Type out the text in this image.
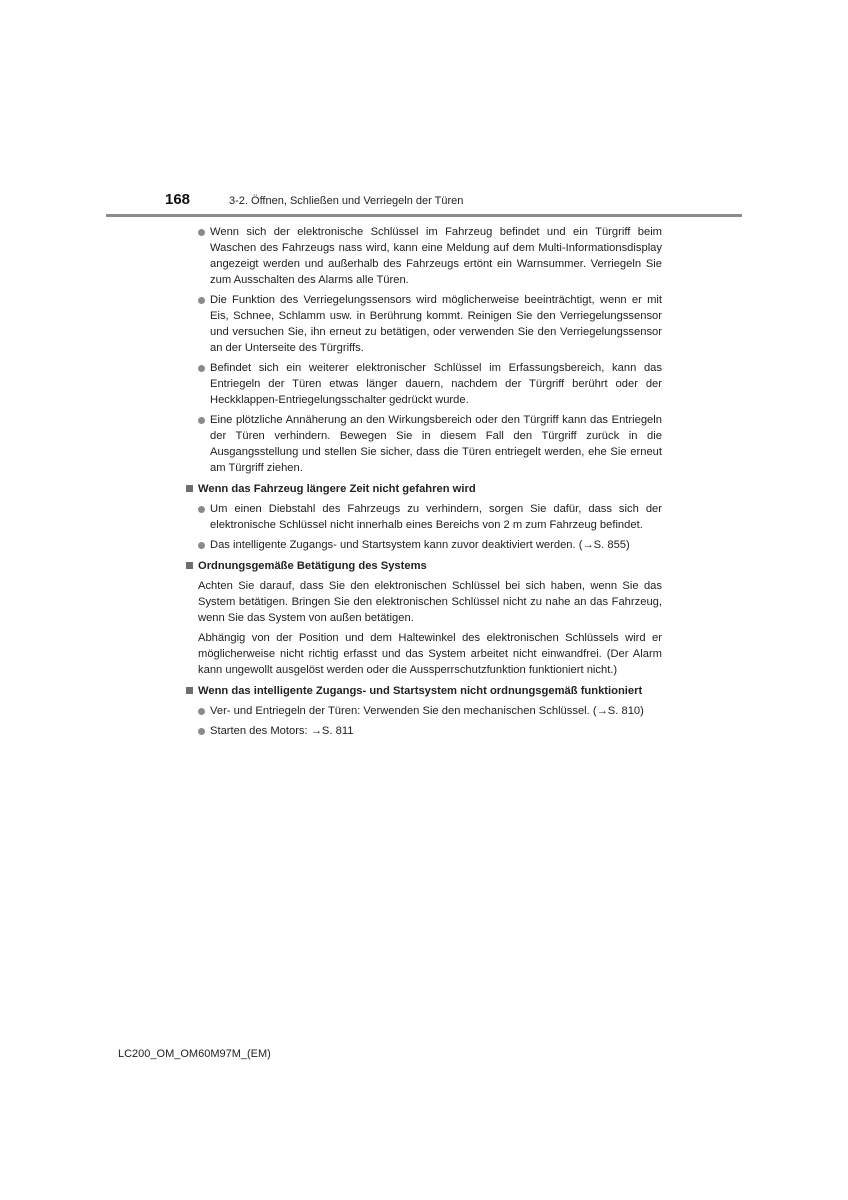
168	3-2. Öffnen, Schließen und Verriegeln der Türen
Wenn sich der elektronische Schlüssel im Fahrzeug befindet und ein Türgriff beim Waschen des Fahrzeugs nass wird, kann eine Meldung auf dem Multi-Informationsdisplay angezeigt werden und außerhalb des Fahrzeugs ertönt ein Warnsummer. Verriegeln Sie zum Ausschalten des Alarms alle Türen.
Die Funktion des Verriegelungssensors wird möglicherweise beeinträchtigt, wenn er mit Eis, Schnee, Schlamm usw. in Berührung kommt. Reinigen Sie den Verriegelungssensor und versuchen Sie, ihn erneut zu betätigen, oder verwenden Sie den Verriegelungssensor an der Unterseite des Türgriffs.
Befindet sich ein weiterer elektronischer Schlüssel im Erfassungsbereich, kann das Entriegeln der Türen etwas länger dauern, nachdem der Türgriff berührt oder der Heckklappen-Entriegelungsschalter gedrückt wurde.
Eine plötzliche Annäherung an den Wirkungsbereich oder den Türgriff kann das Entriegeln der Türen verhindern. Bewegen Sie in diesem Fall den Türgriff zurück in die Ausgangsstellung und stellen Sie sicher, dass die Türen entriegelt werden, ehe Sie erneut am Türgriff ziehen.
Wenn das Fahrzeug längere Zeit nicht gefahren wird
Um einen Diebstahl des Fahrzeugs zu verhindern, sorgen Sie dafür, dass sich der elektronische Schlüssel nicht innerhalb eines Bereichs von 2 m zum Fahrzeug befindet.
Das intelligente Zugangs- und Startsystem kann zuvor deaktiviert werden. (→S. 855)
Ordnungsgemäße Betätigung des Systems
Achten Sie darauf, dass Sie den elektronischen Schlüssel bei sich haben, wenn Sie das System betätigen. Bringen Sie den elektronischen Schlüssel nicht zu nahe an das Fahrzeug, wenn Sie das System von außen betätigen.
Abhängig von der Position und dem Haltewinkel des elektronischen Schlüssels wird er möglicherweise nicht richtig erfasst und das System arbeitet nicht einwandfrei. (Der Alarm kann ungewollt ausgelöst werden oder die Aussperrschutzfunktion funktioniert nicht.)
Wenn das intelligente Zugangs- und Startsystem nicht ordnungsgemäß funktioniert
Ver- und Entriegeln der Türen: Verwenden Sie den mechanischen Schlüssel. (→S. 810)
Starten des Motors: →S. 811
LC200_OM_OM60M97M_(EM)
